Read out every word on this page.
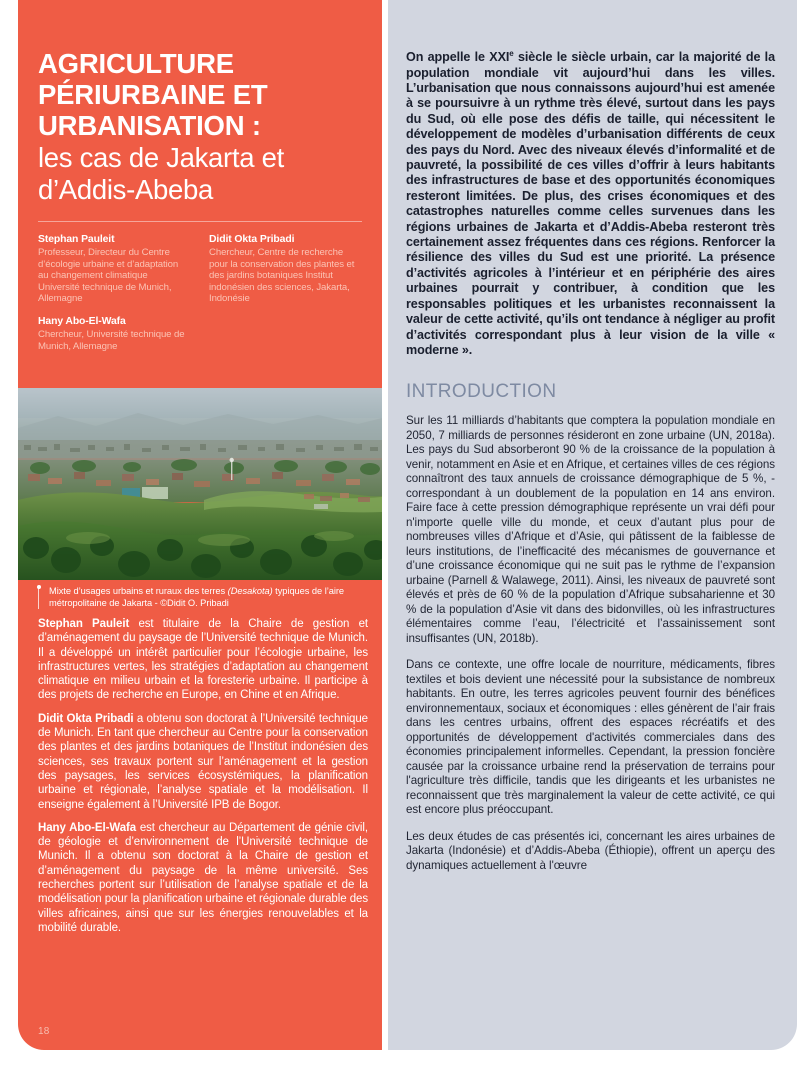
On appelle le XXIe siècle le siècle urbain, car la majorité de la population mondiale vit aujourd’hui dans les villes. L’urbanisation que nous connaissons aujourd’hui est amenée à se poursuivre à un rythme très élevé, surtout dans les pays du Sud, où elle pose des défis de taille, qui nécessitent le développement de modèles d’urbanisation différents de ceux des pays du Nord. Avec des niveaux élevés d’informalité et de pauvreté, la possibilité de ces villes d’offrir à leurs habitants des infrastructures de base et des opportunités économiques resteront limitées. De plus, des crises économiques et des catastrophes naturelles comme celles survenues dans les régions urbaines de Jakarta et d’Addis-Abeba resteront très certainement assez fréquentes dans ces régions. Renforcer la résilience des villes du Sud est une priorité. La présence d’activités agricoles à l’intérieur et en périphérie des aires urbaines pourrait y contribuer, à condition que les responsables politiques et les urbanistes reconnaissent la valeur de cette activité, qu’ils ont tendance à négliger au profit d’activités correspondant plus à leur vision de la ville « moderne ».

INTRODUCTION

Sur les 11 milliards d’habitants que comptera la population mondiale en 2050, 7 milliards de personnes résideront en zone urbaine (UN, 2018a). Les pays du Sud absorberont 90 % de la croissance de la population à venir, notamment en Asie et en Afrique, et certaines villes de ces régions connaîtront des taux annuels de croissance démographique de 5 %, - correspondant à un doublement de la population en 14 ans environ. Faire face à cette pression démographique représente un vrai défi pour n'importe quelle ville du monde, et ceux d’autant plus pour de nombreuses villes d’Afrique et d’Asie, qui pâtissent de la faiblesse de leurs institutions, de l’inefficacité des mécanismes de gouvernance et d’une croissance économique qui ne suit pas le rythme de l’expansion urbaine (Parnell & Walawege, 2011). Ainsi, les niveaux de pauvreté sont élevés et près de 60 % de la population d’Afrique subsaharienne et 30 % de la population d’Asie vit dans des bidonvilles, où les infrastructures élémentaires comme l’eau, l’électricité et l’assainissement sont insuffisantes (UN, 2018b).

Dans ce contexte, une offre locale de nourriture, médicaments, fibres textiles et bois devient une nécessité pour la subsistance de nombreux habitants. En outre, les terres agricoles peuvent fournir des bénéfices environnementaux, sociaux et économiques : elles génèrent de l’air frais dans les centres urbains, offrent des espaces récréatifs et des opportunités de développement d'activités commerciales dans des économies principalement informelles. Cependant, la pression foncière causée par la croissance urbaine rend la préservation de terrains pour l'agriculture très difficile, tandis que les dirigeants et les urbanistes ne reconnaissent que très marginalement la valeur de cette activité, ce qui est encore plus préoccupant.

Les deux études de cas présentés ici, concernant les aires urbaines de Jakarta (Indonésie) et d’Addis-Abeba (Éthiopie), offrent un aperçu des dynamiques actuellement à l'œuvre

AGRICULTURE
PÉRIURBAINE ET
URBANISATION :
les cas de Jakarta et
d’Addis-Abeba
Stephan Pauleit
Professeur, Directeur du Centre d’écologie urbaine et d’adaptation au changement climatique Université technique de Munich, Allemagne
Hany Abo-El-Wafa
Chercheur, Université technique de Munich, Allemagne
Didit Okta Pribadi
Chercheur, Centre de recherche pour la conservation des plantes et des jardins botaniques Institut indonésien des sciences, Jakarta, Indonésie
Mixte d’usages urbains et ruraux des terres (Desakota) typiques de l’aire métropolitaine de Jakarta - ©Didit O. Pribadi

Stephan Pauleit est titulaire de la Chaire de gestion et d’aménagement du paysage de l’Université technique de Munich. Il a développé un intérêt particulier pour l’écologie urbaine, les infrastructures vertes, les stratégies d’adaptation au changement climatique en milieu urbain et la foresterie urbaine. Il participe à des projets de recherche en Europe, en Chine et en Afrique.

Didit Okta Pribadi a obtenu son doctorat à l’Université technique de Munich. En tant que chercheur au Centre pour la conservation des plantes et des jardins botaniques de l’Institut indonésien des sciences, ses travaux portent sur l’aménagement et la gestion des paysages, les services écosystémiques, la planification urbaine et régionale, l’analyse spatiale et la modélisation. Il enseigne également à l’Université IPB de Bogor.

Hany Abo-El-Wafa est chercheur au Département de génie civil, de géologie et d’environnement de l’Université technique de Munich. Il a obtenu son doctorat à la Chaire de gestion et d’aménagement du paysage de la même université. Ses recherches portent sur l’utilisation de l’analyse spatiale et de la modélisation pour la planification urbaine et régionale durable des villes africaines, ainsi que sur les énergies renouvelables et la mobilité durable.

18
